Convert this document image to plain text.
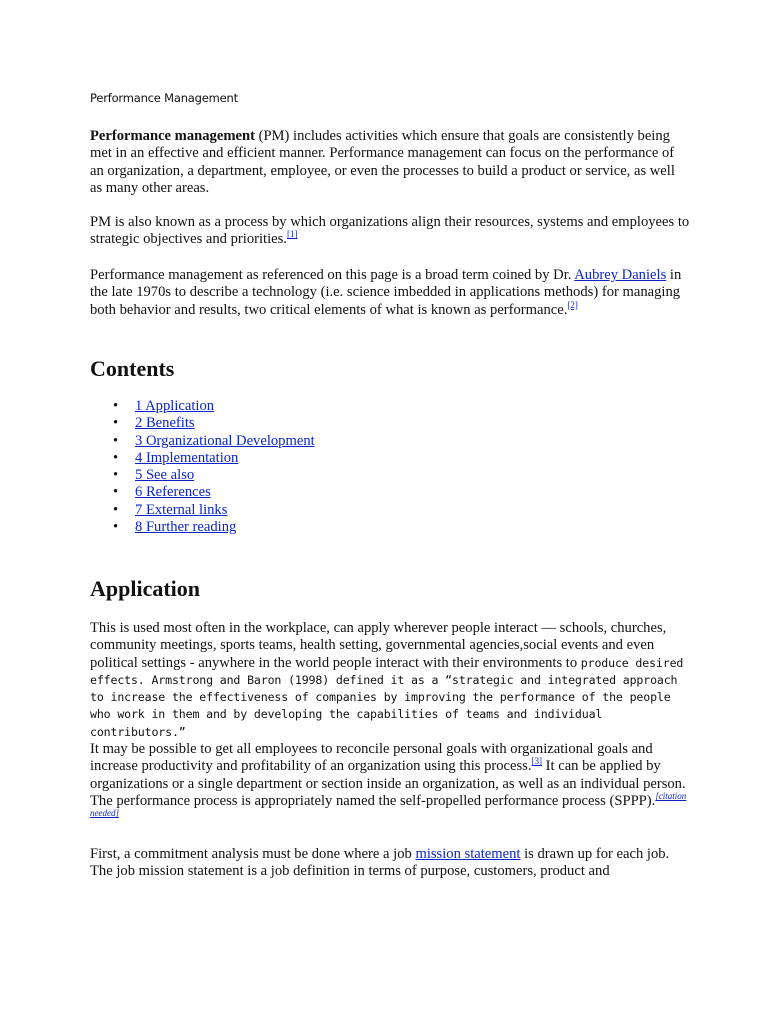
Performance Management

Performance management (PM) includes activities which ensure that goals are consistently being met in an effective and efficient manner. Performance management can focus on the performance of an organization, a department, employee, or even the processes to build a product or service, as well as many other areas.

PM is also known as a process by which organizations align their resources, systems and employees to strategic objectives and priorities.[1]

Performance management as referenced on this page is a broad term coined by Dr. Aubrey Daniels in the late 1970s to describe a technology (i.e. science imbedded in applications methods) for managing both behavior and results, two critical elements of what is known as performance.[2]

Contents
• 1 Application
• 2 Benefits
• 3 Organizational Development
• 4 Implementation
• 5 See also
• 6 References
• 7 External links
• 8 Further reading
Application

This is used most often in the workplace, can apply wherever people interact — schools, churches, community meetings, sports teams, health setting, governmental agencies,social events and even political settings - anywhere in the world people interact with their environments to produce desired effects. Armstrong and Baron (1998) defined it as a “strategic and integrated approach to increase the effectiveness of companies by improving the performance of the people who work in them and by developing the capabilities of teams and individual contributors.”

It may be possible to get all employees to reconcile personal goals with organizational goals and increase productivity and profitability of an organization using this process.[3] It can be applied by organizations or a single department or section inside an organization, as well as an individual person. The performance process is appropriately named the self-propelled performance process (SPPP).[citation needed]

First, a commitment analysis must be done where a job mission statement is drawn up for each job. The job mission statement is a job definition in terms of purpose, customers, product and
